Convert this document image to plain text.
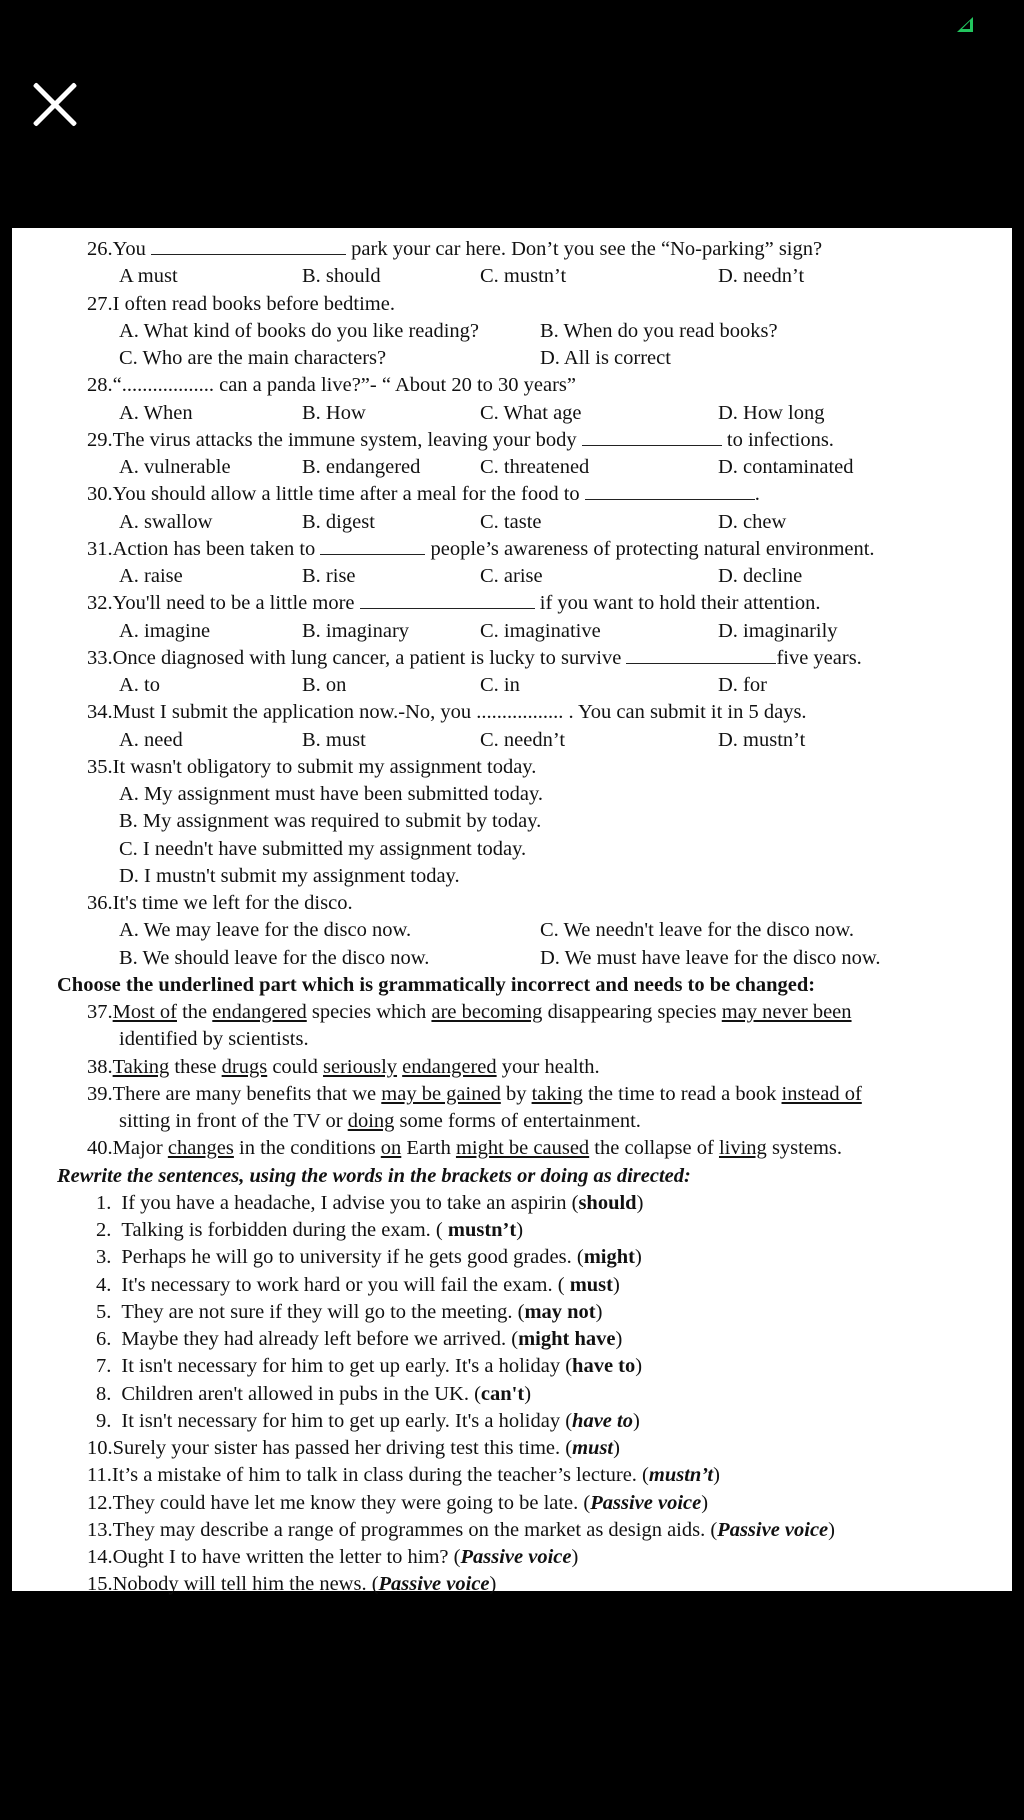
26.You	park your car here. Don’t you see the “No-parking” sign?
A must	B. should	C. mustn’t	D. needn’t
27.I often read books before bedtime.
A. What kind of books do you like reading?	B. When do you read books?
C. Who are the main characters?	D. All is correct
28.“.................. can a panda live?”- “ About 20 to 30 years”
A. When	B. How	C. What age	D. How long
29.The virus attacks the immune system, leaving your body	to infections.
A. vulnerable	B. endangered	C. threatened	D. contaminated
30.You should allow a little time after a meal for the food to	.
A. swallow	B. digest	C. taste	D. chew
31.Action has been taken to	people’s awareness of protecting natural environment.
A. raise	B. rise	C. arise	D. decline
32.You'll need to be a little more	if you want to hold their attention.
A. imagine	B. imaginary	C. imaginative	D. imaginarily
33.Once diagnosed with lung cancer, a patient is lucky to survive	five years.
A. to	B. on	C. in	D. for
34.Must I submit the application now.-No, you ................. . You can submit it in 5 days.
A. need	B. must	C. needn’t	D. mustn’t
35.It wasn't obligatory to submit my assignment today.
A. My assignment must have been submitted today.
B. My assignment was required to submit by today.
C. I needn't have submitted my assignment today.
D. I mustn't submit my assignment today.
36.It's time we left for the disco.
A. We may leave for the disco now.	C. We needn't leave for the disco now.
B. We should leave for the disco now.	D. We must have leave for the disco now.
Choose the underlined part which is grammatically incorrect and needs to be changed:
37.Most of the endangered species which are becoming disappearing species may never been
identified by scientists.
38.Taking these drugs could seriously endangered your health.
39.There are many benefits that we may be gained by taking the time to read a book instead of
sitting in front of the TV or doing some forms of entertainment.
40.Major changes in the conditions on Earth might be caused the collapse of living systems.
Rewrite the sentences, using the words in the brackets or doing as directed:
1. If you have a headache, I advise you to take an aspirin (should)
2. Talking is forbidden during the exam. ( mustn’t)
3. Perhaps he will go to university if he gets good grades. (might)
4. It's necessary to work hard or you will fail the exam. ( must)
5. They are not sure if they will go to the meeting. (may not)
6. Maybe they had already left before we arrived. (might have)
7. It isn't necessary for him to get up early. It's a holiday (have to)
8. Children aren't allowed in pubs in the UK. (can't)
9. It isn't necessary for him to get up early. It's a holiday (have to)
10.Surely your sister has passed her driving test this time. (must)
11.It’s a mistake of him to talk in class during the teacher’s lecture. (mustn’t)
12.They could have let me know they were going to be late. (Passive voice)
13.They may describe a range of programmes on the market as design aids. (Passive voice)
14.Ought I to have written the letter to him? (Passive voice)
15.Nobody will tell him the news. (Passive voice)
